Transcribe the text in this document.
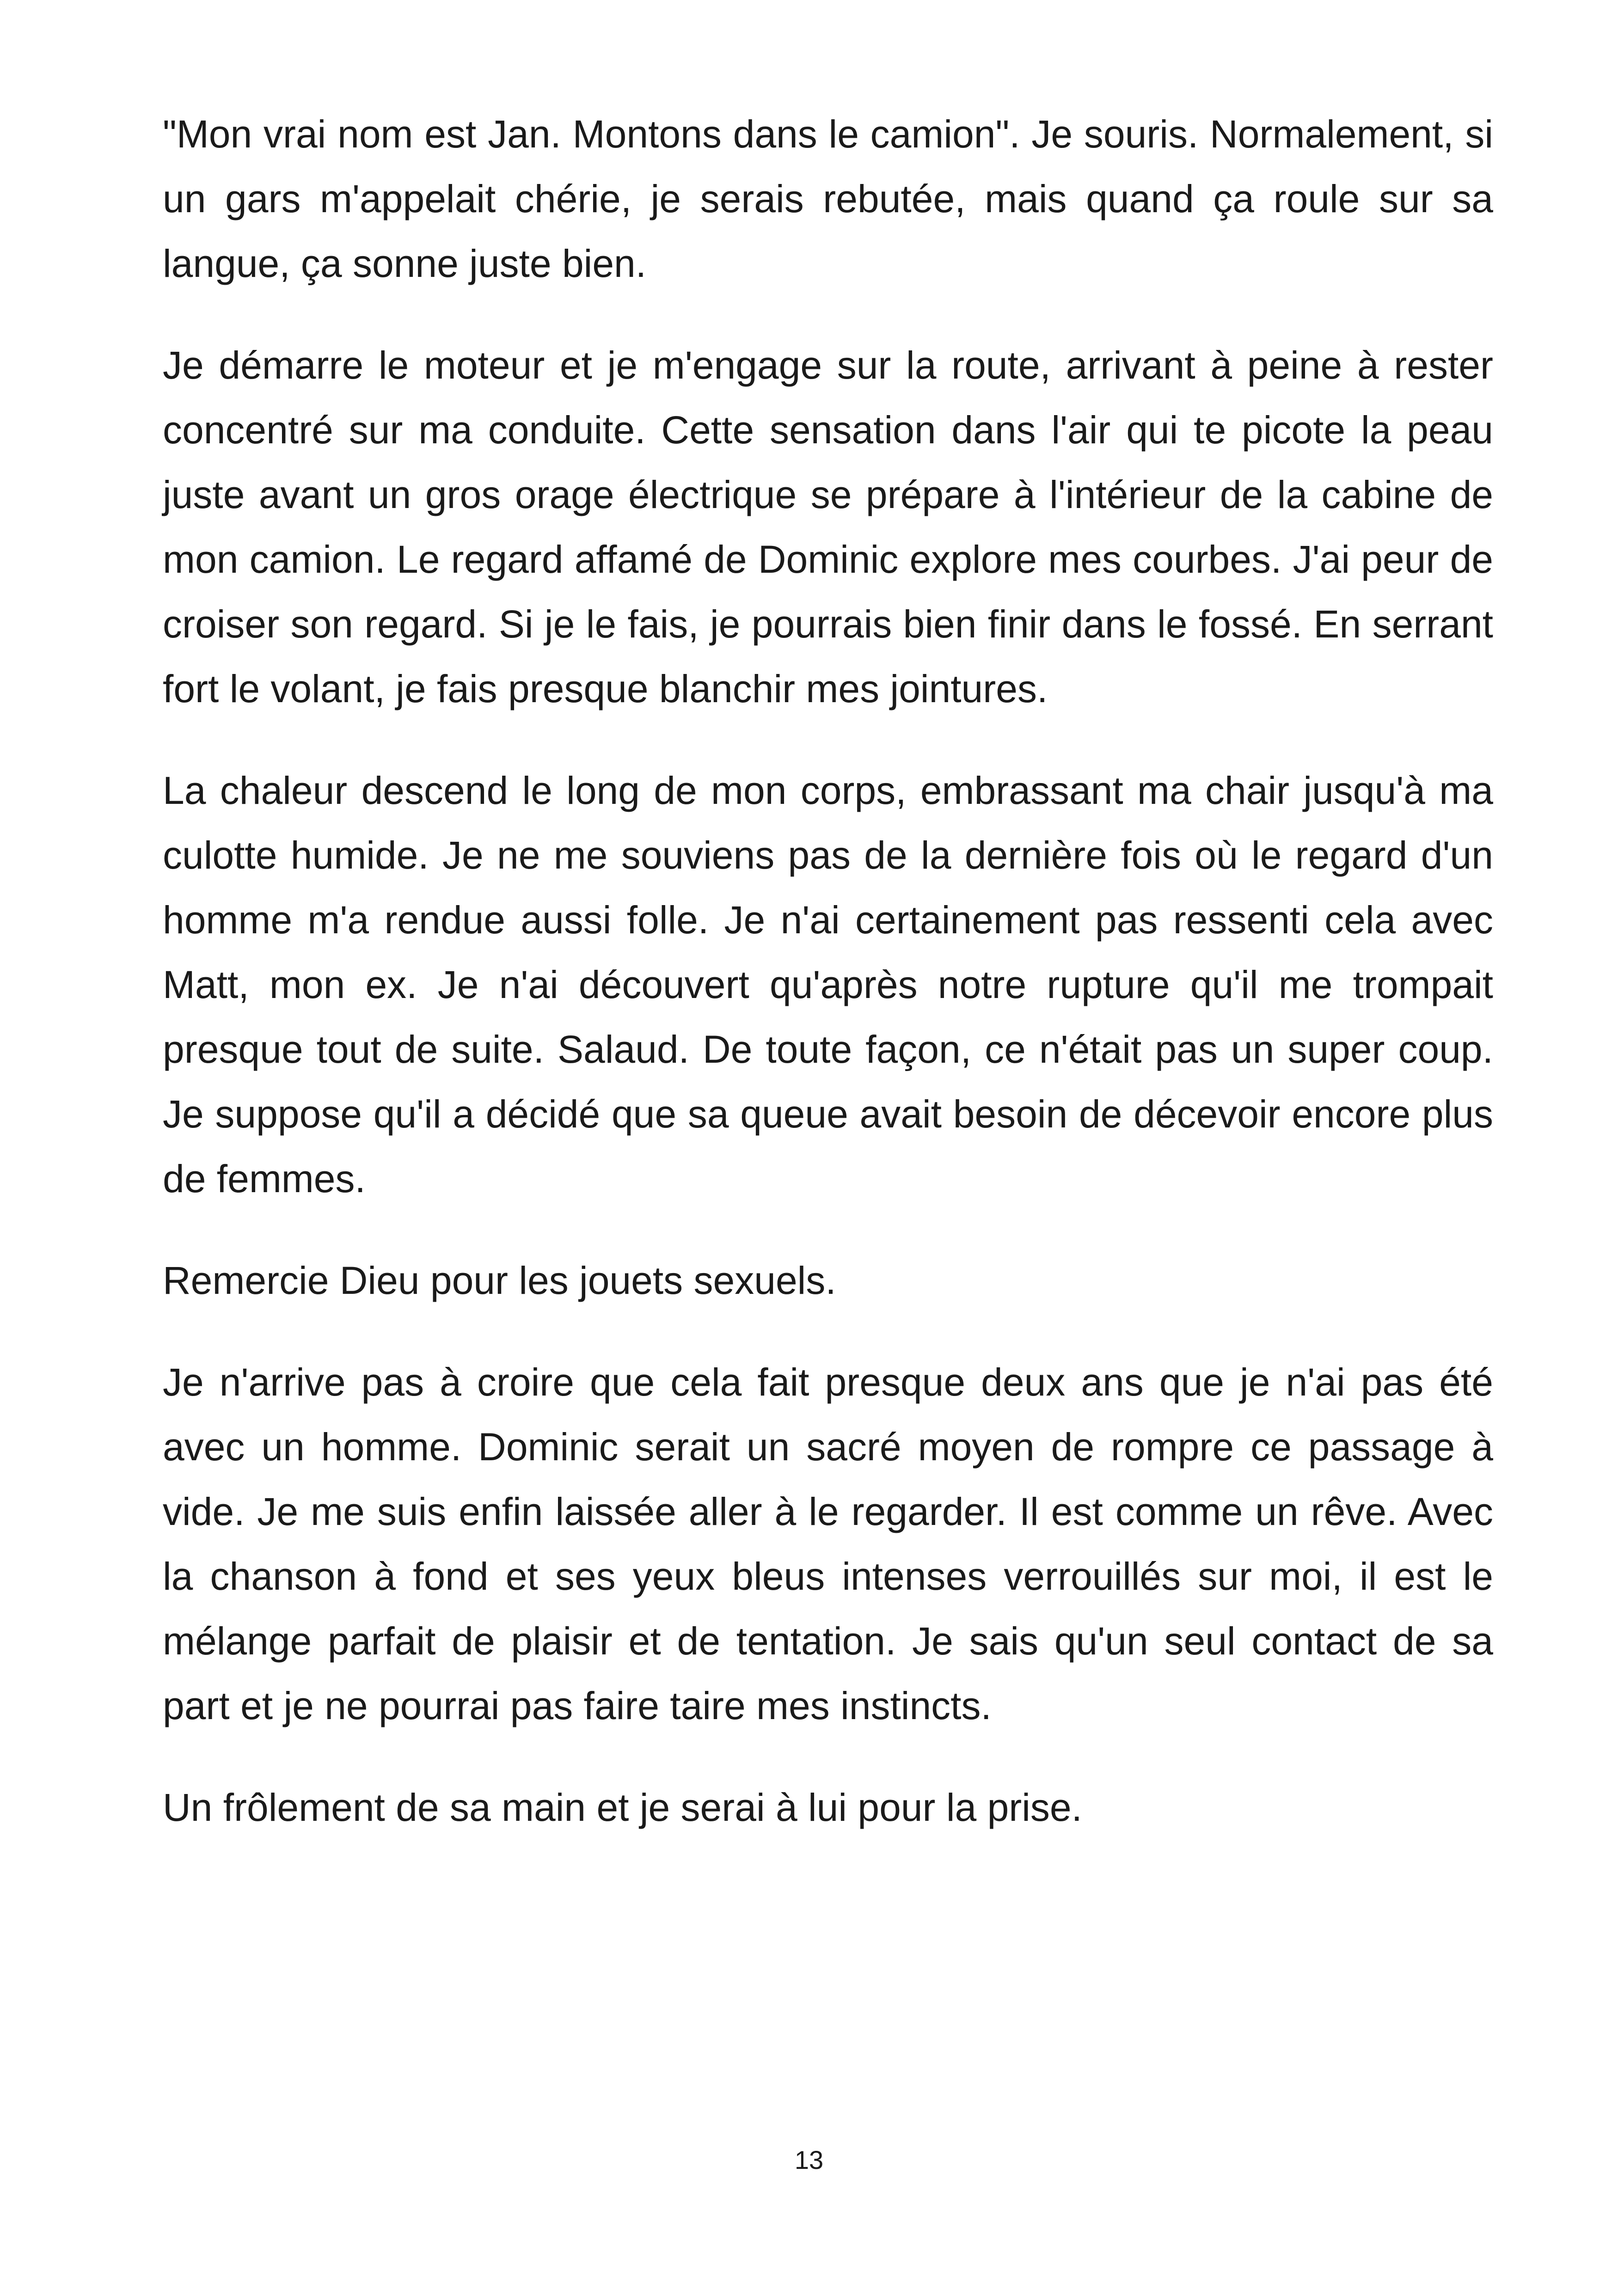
"Mon vrai nom est Jan. Montons dans le camion". Je souris. Normalement, si un gars m'appelait chérie, je serais rebutée, mais quand ça roule sur sa langue, ça sonne juste bien.

Je démarre le moteur et je m'engage sur la route, arrivant à peine à rester concentré sur ma conduite. Cette sensation dans l'air qui te picote la peau juste avant un gros orage électrique se prépare à l'intérieur de la cabine de mon camion. Le regard affamé de Dominic explore mes courbes. J'ai peur de croiser son regard. Si je le fais, je pourrais bien finir dans le fossé. En serrant fort le volant, je fais presque blanchir mes jointures.

La chaleur descend le long de mon corps, embrassant ma chair jusqu'à ma culotte humide. Je ne me souviens pas de la dernière fois où le regard d'un homme m'a rendue aussi folle. Je n'ai certainement pas ressenti cela avec Matt, mon ex. Je n'ai découvert qu'après notre rupture qu'il me trompait presque tout de suite. Salaud. De toute façon, ce n'était pas un super coup. Je suppose qu'il a décidé que sa queue avait besoin de décevoir encore plus de femmes.

Remercie Dieu pour les jouets sexuels.

Je n'arrive pas à croire que cela fait presque deux ans que je n'ai pas été avec un homme. Dominic serait un sacré moyen de rompre ce passage à vide. Je me suis enfin laissée aller à le regarder. Il est comme un rêve. Avec la chanson à fond et ses yeux bleus intenses verrouillés sur moi, il est le mélange parfait de plaisir et de tentation. Je sais qu'un seul contact de sa part et je ne pourrai pas faire taire mes instincts.

Un frôlement de sa main et je serai à lui pour la prise.

13
